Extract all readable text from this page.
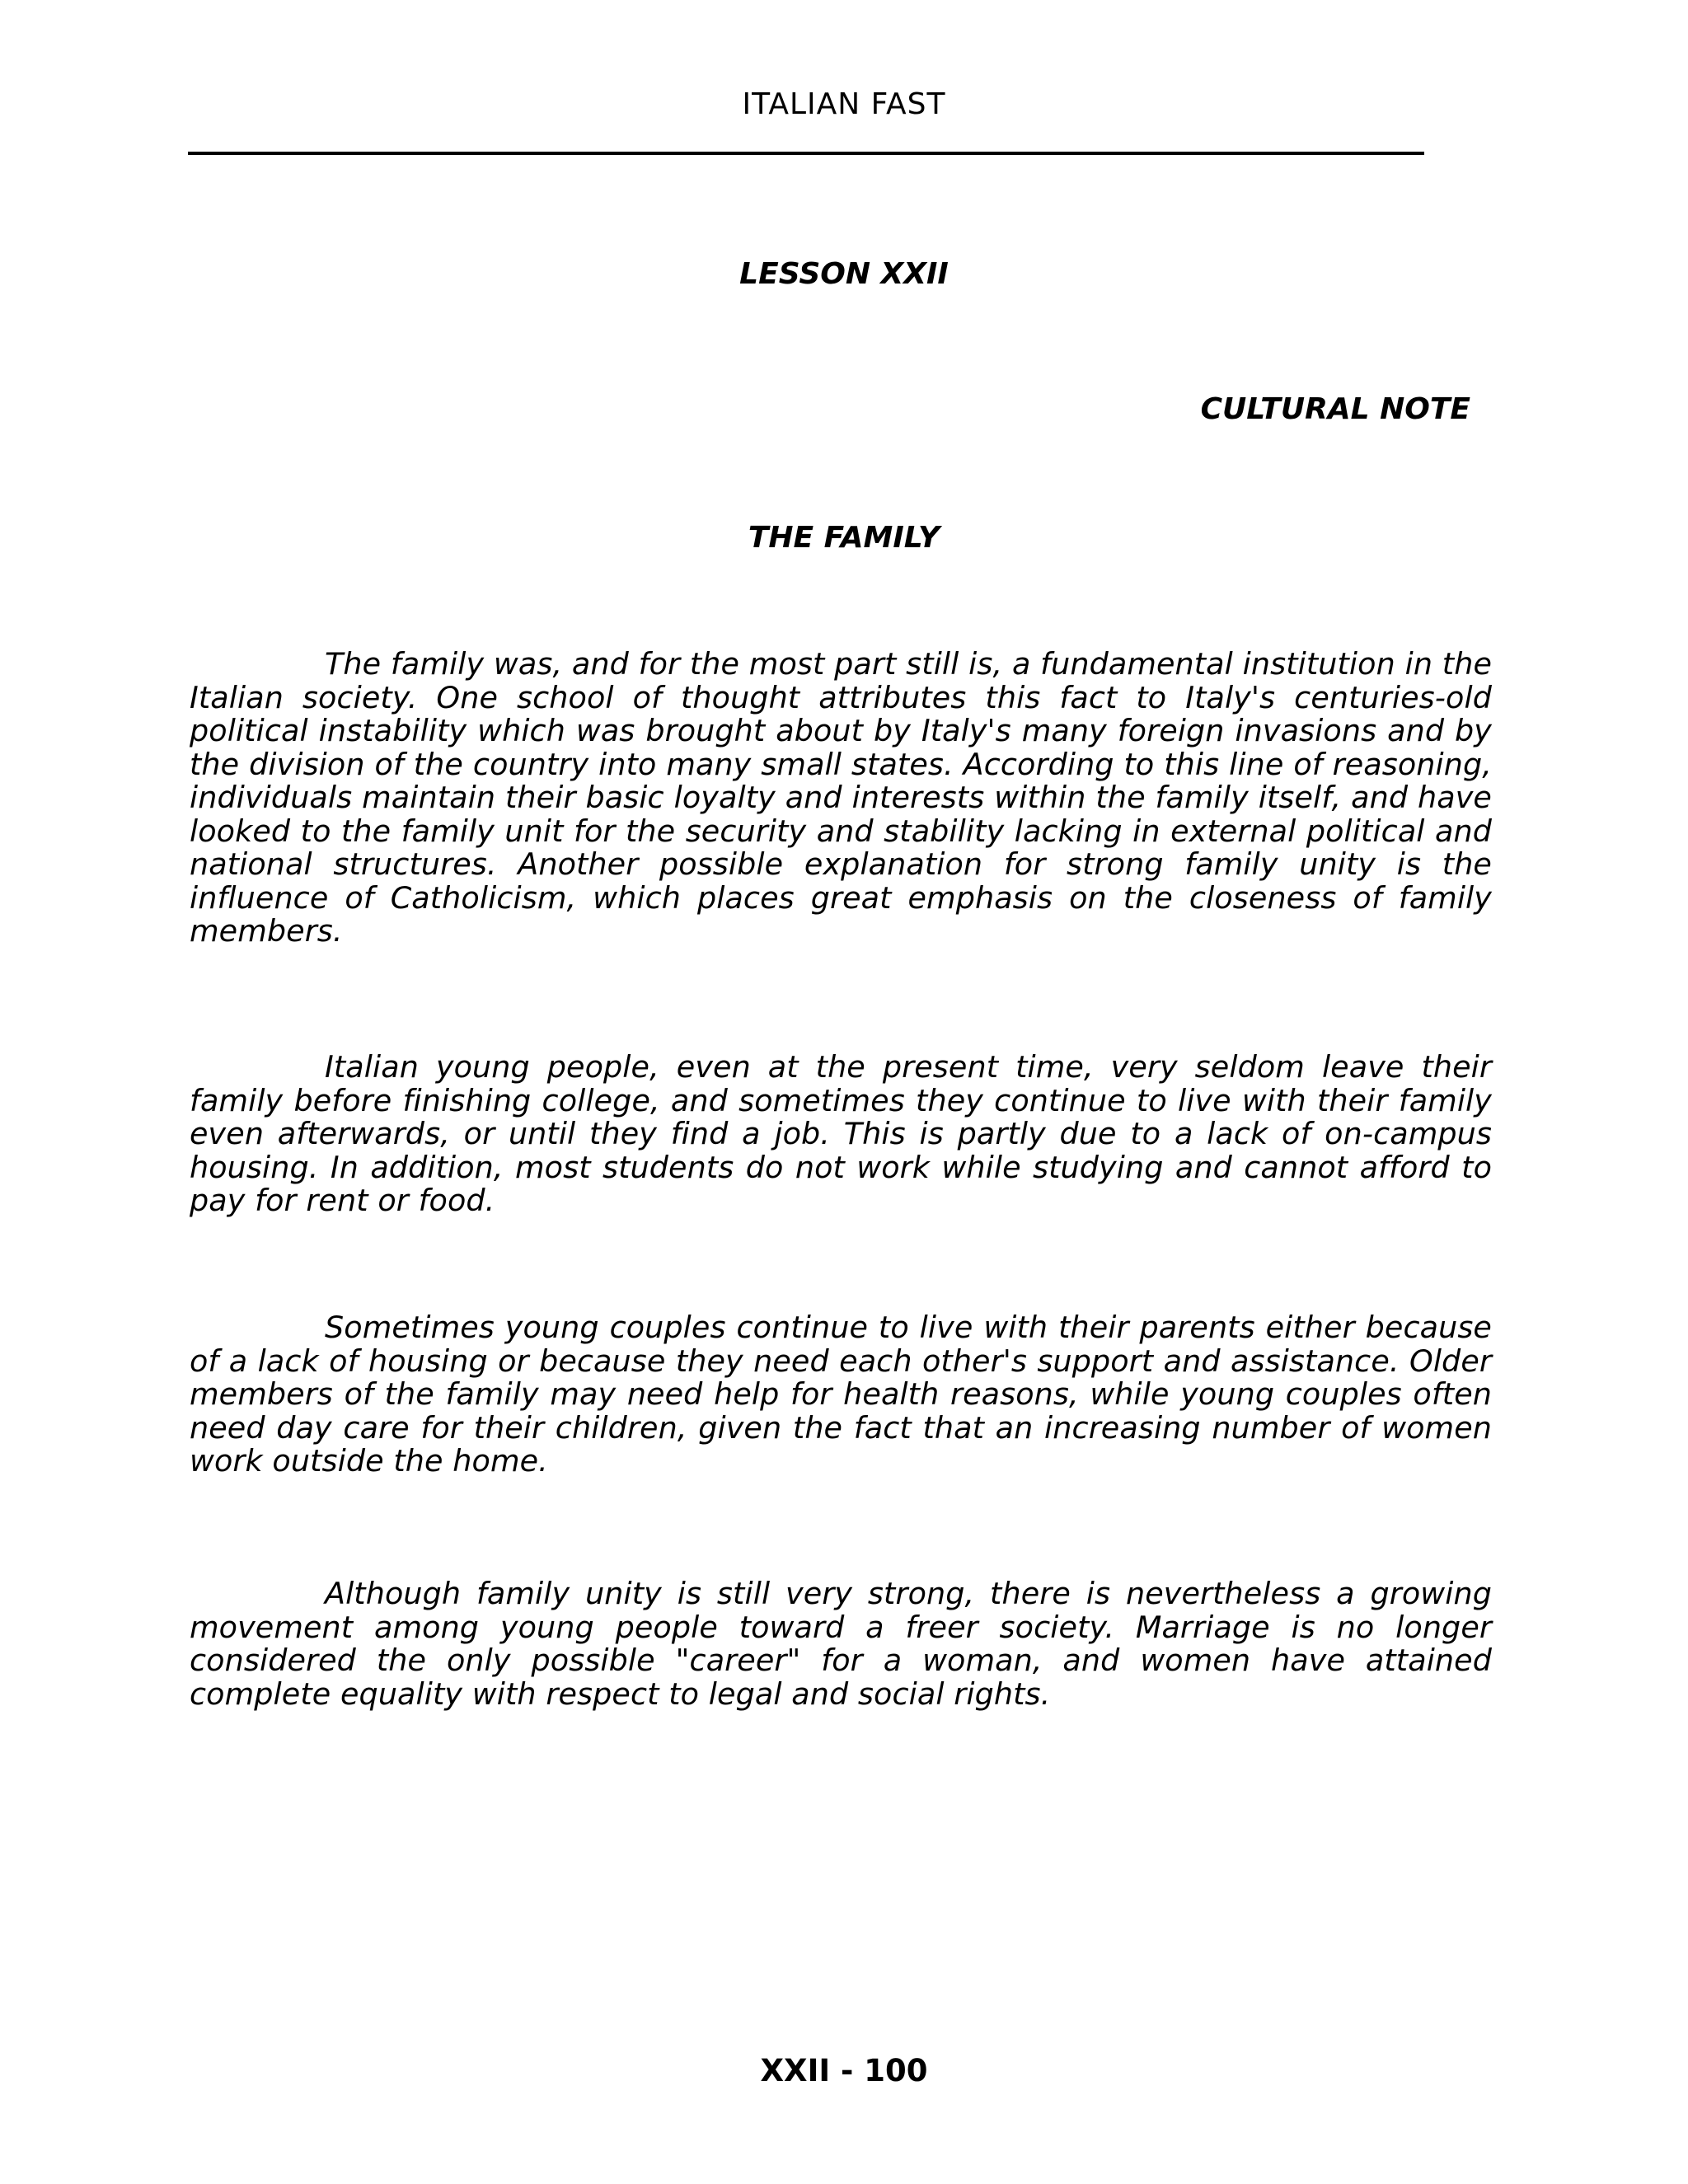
ITALIAN FAST
LESSON XXII
CULTURAL NOTE
THE FAMILY

The family was, and for the most part still is, a fundamental institution in the Italian society. One school of thought attributes this fact to Italy's centuries-old political instability which was brought about by Italy's many foreign invasions and by the division of the country into many small states. According to this line of reasoning, individuals maintain their basic loyalty and interests within the family itself, and have looked to the family unit for the security and stability lacking in external political and national structures. Another possible explanation for strong family unity is the influence of Catholicism, which places great emphasis on the closeness of family members.

Italian young people, even at the present time, very seldom leave their family before finishing college, and sometimes they continue to live with their family even afterwards, or until they find a job. This is partly due to a lack of on-campus housing. In addition, most students do not work while studying and cannot afford to pay for rent or food.

Sometimes young couples continue to live with their parents either because of a lack of housing or because they need each other's support and assistance. Older members of the family may need help for health reasons, while young couples often need day care for their children, given the fact that an increasing number of women work outside the home.

Although family unity is still very strong, there is nevertheless a growing movement among young people toward a freer society. Marriage is no longer considered the only possible "career" for a woman, and women have attained complete equality with respect to legal and social rights.

XXII - 100
